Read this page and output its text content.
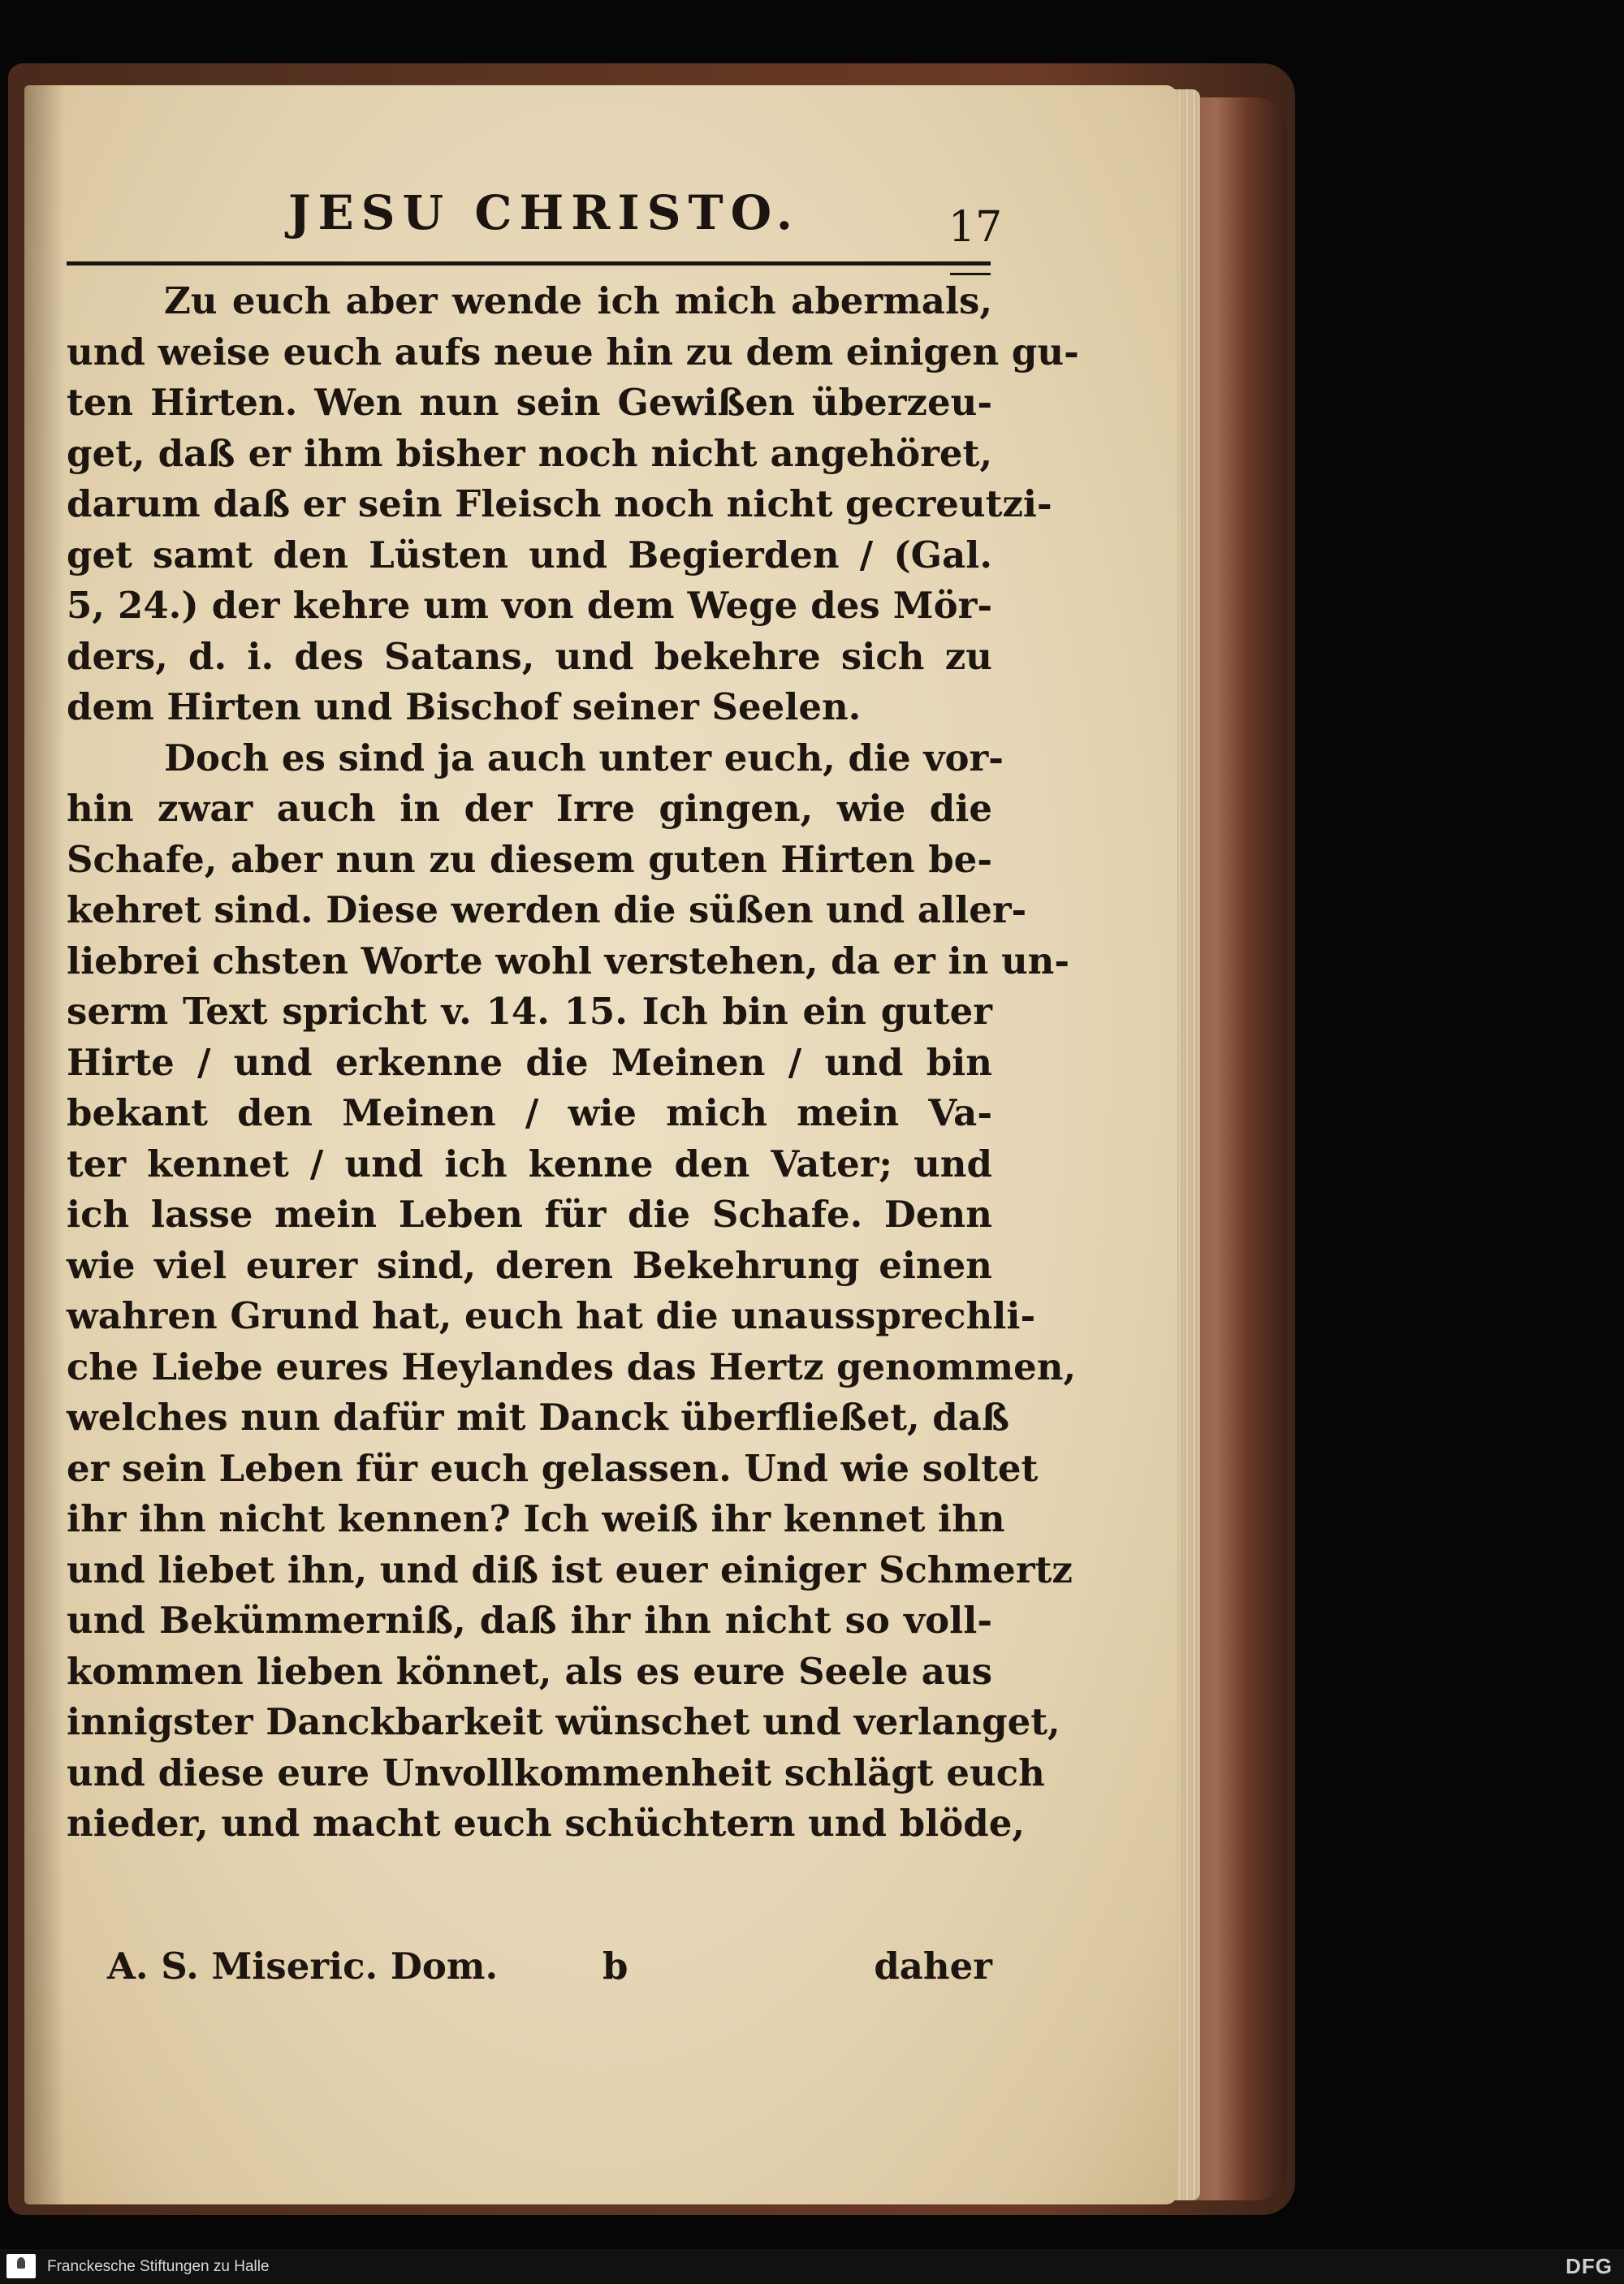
JESU CHRISTO.	17
Zu euch aber wende ich mich abermals,
und weise euch aufs neue hin zu dem einigen gu-
ten Hirten. Wen nun sein Gewißen überzeu-
get, daß er ihm bisher noch nicht angehöret,
darum daß er sein Fleisch noch nicht gecreutzi-
get samt den Lüsten und Begierden / (Gal.
5, 24.) der kehre um von dem Wege des Mör-
ders, d. i. des Satans, und bekehre sich zu
dem Hirten und Bischof seiner Seelen.
Doch es sind ja auch unter euch, die vor-
hin zwar auch in der Irre gingen, wie die
Schafe, aber nun zu diesem guten Hirten be-
kehret sind. Diese werden die süßen und aller-
liebrei chsten Worte wohl verstehen, da er in un-
serm Text spricht v. 14. 15. Ich bin ein guter
Hirte / und erkenne die Meinen / und bin
bekant den Meinen / wie mich mein Va-
ter kennet / und ich kenne den Vater; und
ich lasse mein Leben für die Schafe. Denn
wie viel eurer sind, deren Bekehrung einen
wahren Grund hat, euch hat die unaussprechli-
che Liebe eures Heylandes das Hertz genommen,
welches nun dafür mit Danck überfließet, daß
er sein Leben für euch gelassen. Und wie soltet
ihr ihn nicht kennen? Ich weiß ihr kennet ihn
und liebet ihn, und diß ist euer einiger Schmertz
und Bekümmerniß, daß ihr ihn nicht so voll-
kommen lieben könnet, als es eure Seele aus
innigster Danckbarkeit wünschet und verlanget,
und diese eure Unvollkommenheit schlägt euch
nieder, und macht euch schüchtern und blöde,
A. S. Miseric. Dom.	b	daher
Franckesche Stiftungen zu Halle	DFG
